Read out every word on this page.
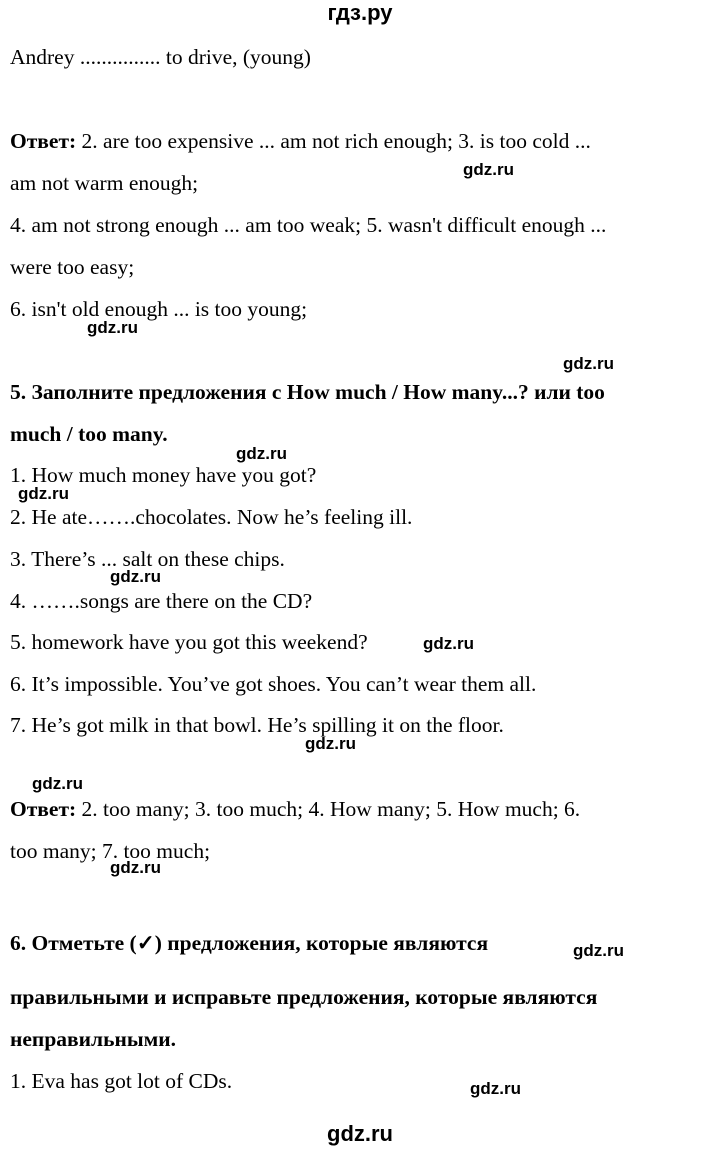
гдз.ру

Andrey ............... to drive, (young)

Ответ: 2. are too expensive ... am not rich enough; 3. is too cold ...

am not warm enough;

4. am not strong enough ... am too weak; 5. wasn't difficult enough ...

were too easy;

6. isn't old enough ... is too young;

5. Заполните предложения с How much / How many...? или too

much / too many.

1. How much money have you got?

2. He ate…….chocolates. Now he’s feeling ill.

3. There’s ... salt on these chips.

4. …….songs are there on the CD?

5. homework have you got this weekend?

6. It’s impossible. You’ve got shoes. You can’t wear them all.

7. He’s got milk in that bowl. He’s spilling it on the floor.

Ответ: 2. too many; 3. too much; 4. How many; 5. How much; 6.

too many; 7. too much;

6. Отметьте (✓) предложения, которые являются

правильными и исправьте предложения, которые являются

неправильными.

1. Eva has got lot of CDs.

gdz.ru
gdz.ru
gdz.ru
gdz.ru
gdz.ru
gdz.ru
gdz.ru
gdz.ru
gdz.ru
gdz.ru
gdz.ru
gdz.ru
gdz.ru
